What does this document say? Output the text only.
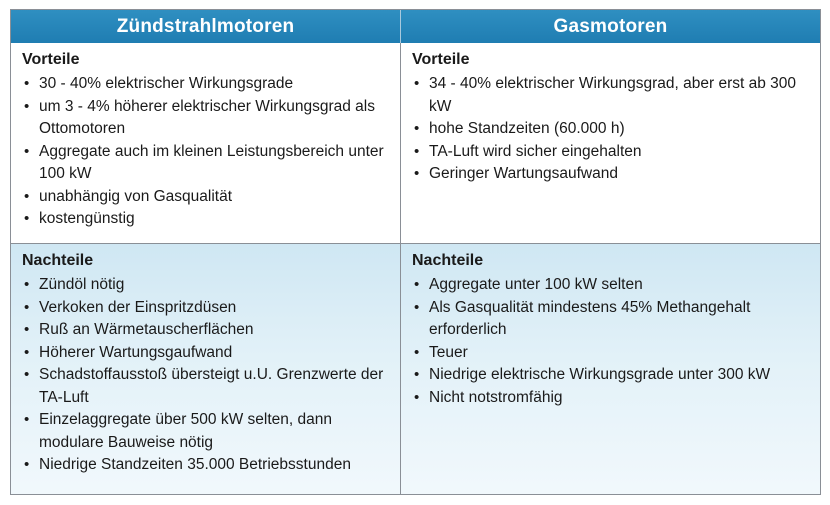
Zündstrahlmotoren	Gasmotoren
Vorteile
• 30 - 40% elektrischer Wirkungsgrade
• um 3 - 4% höherer elektrischer Wirkungsgrad als Ottomotoren
• Aggregate auch im kleinen Leistungsbereich unter 100 kW
• unabhängig von Gasqualität
• kostengünstig
Vorteile
• 34 - 40% elektrischer Wirkungsgrad, aber erst ab 300 kW
• hohe Standzeiten (60.000 h)
• TA-Luft wird sicher eingehalten
• Geringer Wartungsaufwand
Nachteile
• Zündöl nötig
• Verkoken der Einspritzdüsen
• Ruß an Wärmetauscherflächen
• Höherer Wartungsgaufwand
• Schadstoffausstoß übersteigt u.U. Grenzwerte der TA-Luft
• Einzelaggregate über 500 kW selten, dann modulare Bauweise nötig
• Niedrige Standzeiten 35.000 Betriebsstunden
Nachteile
• Aggregate unter 100 kW selten
• Als Gasqualität mindestens 45% Methangehalt erforderlich
• Teuer
• Niedrige elektrische Wirkungsgrade unter 300 kW
• Nicht notstromfähig
